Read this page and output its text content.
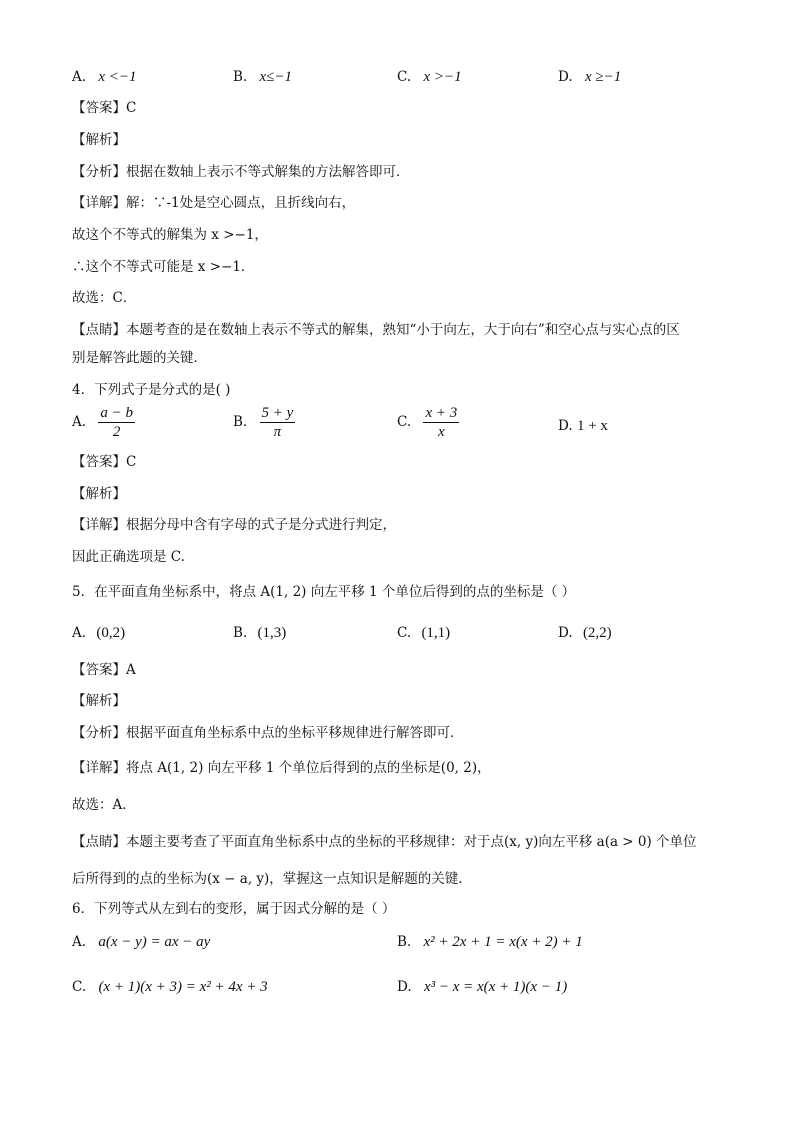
A. x <−1	B. x≤−1	C. x >−1	D. x ≥−1
【答案】C
【解析】
【分析】根据在数轴上表示不等式解集的方法解答即可．
【详解】解：∵-1处是空心圆点，且折线向右，
故这个不等式的解集为 x >−1，
∴这个不等式可能是 x >−1．
故选：C．
【点睛】本题考查的是在数轴上表示不等式的解集，熟知“小于向左，大于向右”和空心点与实心点的区
别是解答此题的关键．
4．下列式子是分式的是( )
A. $\frac{a - b}{2}$	B. $\frac{5 + y}{\pi}$	C. $\frac{x + 3}{x}$	D. 1 + x
【答案】C
【解析】
【详解】根据分母中含有字母的式子是分式进行判定，
因此正确选项是 C.
5．在平面直角坐标系中，将点 A(1, 2) 向左平移 1 个单位后得到的点的坐标是（ ）
A. (0,2)	B. (1,3)	C. (1,1)	D. (2,2)
【答案】A
【解析】
【分析】根据平面直角坐标系中点的坐标平移规律进行解答即可．
【详解】将点 A(1, 2) 向左平移 1 个单位后得到的点的坐标是(0, 2)，
故选：A．
【点睛】本题主要考查了平面直角坐标系中点的坐标的平移规律：对于点(x, y)向左平移 a(a > 0) 个单位
后所得到的点的坐标为(x − a, y)，掌握这一点知识是解题的关键．
6．下列等式从左到右的变形，属于因式分解的是（ ）
A. a(x − y) = ax − ay	B. x² + 2x + 1 = x(x + 2) + 1
C. (x + 1)(x + 3) = x² + 4x + 3	D. x³ − x = x(x + 1)(x − 1)
